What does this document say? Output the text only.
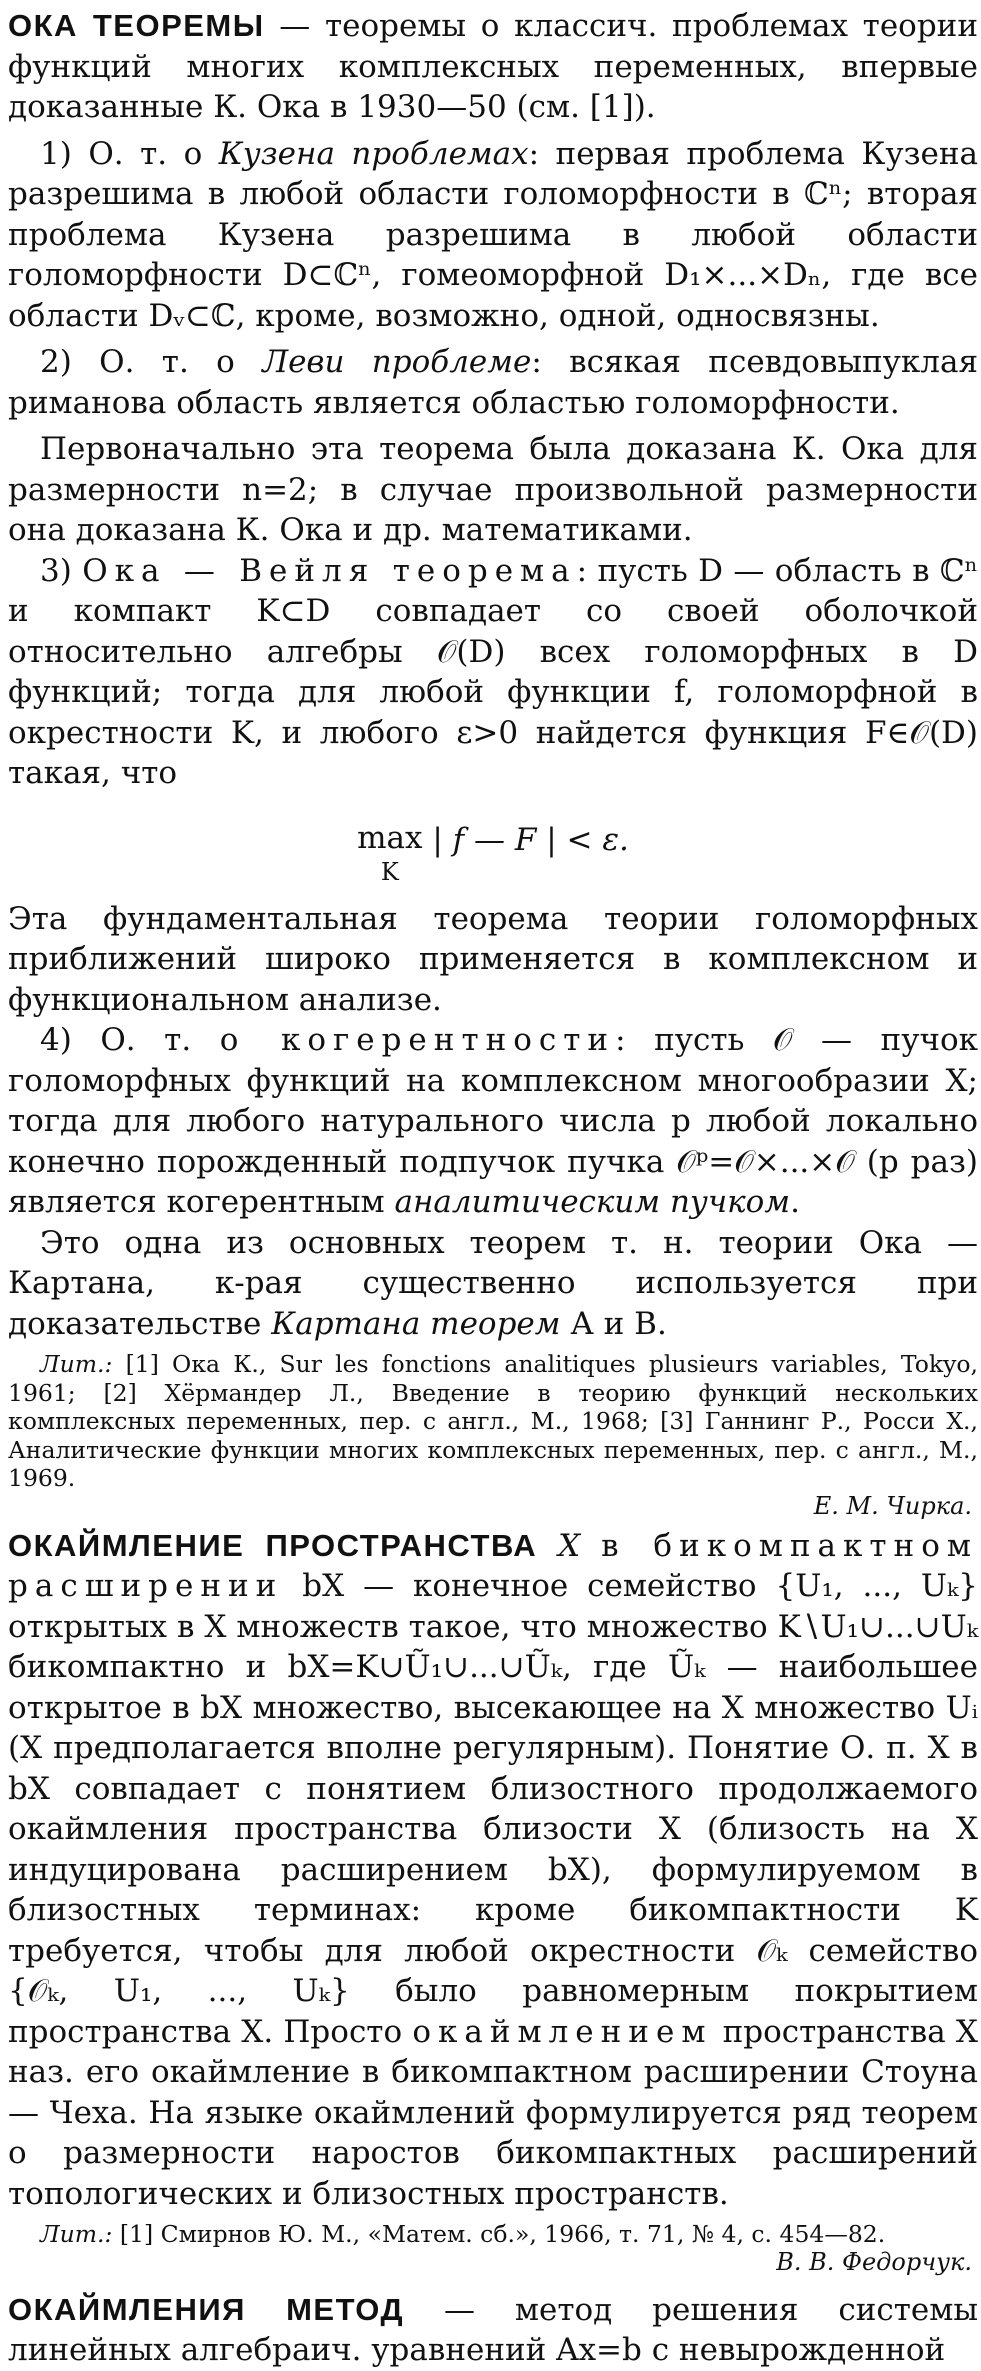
ОКА ТЕОРЕМЫ — теоремы о классич. проблемах теории функций многих комплексных переменных, впервые доказанные К. Ока в 1930—50 (см. [1]).

1) О. т. о Кузена проблемах: первая проблема Кузена разрешима в любой области голоморфности в ℂⁿ; вторая проблема Кузена разрешима в любой области голоморфности D⊂ℂⁿ, гомеоморфной D₁×...×Dₙ, где все области Dᵥ⊂ℂ, кроме, возможно, одной, односвязны.

2) О. т. о Леви проблеме: всякая псевдовыпуклая риманова область является областью голоморфности.

Первоначально эта теорема была доказана К. Ока для размерности n=2; в случае произвольной размерности она доказана К. Ока и др. математиками.

3) Ока — Вейля теорема: пусть D — область в ℂⁿ и компакт K⊂D совпадает со своей оболочкой относительно алгебры 𝒪(D) всех голоморфных в D функций; тогда для любой функции f, голоморфной в окрестности K, и любого ε>0 найдется функция F∈𝒪(D) такая, что

max
K | f — F | < ε.

Эта фундаментальная теорема теории голоморфных приближений широко применяется в комплексном и функциональном анализе.

4) О. т. о когерентности: пусть 𝒪 — пучок голоморфных функций на комплексном многообразии X; тогда для любого натурального числа p любой локально конечно порожденный подпучок пучка 𝒪ᵖ=𝒪×...×𝒪 (p раз) является когерентным аналитическим пучком.

Это одна из основных теорем т. н. теории Ока — Картана, к-рая существенно используется при доказательстве Картана теорем А и В.

Лит.: [1] Ока К., Sur les fonctions analitiques plusieurs variables, Tokyo, 1961; [2] Хёрмандер Л., Введение в теорию функций нескольких комплексных переменных, пер. с англ., М., 1968; [3] Ганнинг Р., Росси Х., Аналитические функции многих комплексных переменных, пер. с англ., М., 1969.

Е. М. Чирка.

ОКАЙМЛЕНИЕ ПРОСТРАНСТВА X в бикомпактном расширении bX — конечное семейство {U₁, ..., Uₖ} открытых в X множеств такое, что множество K∖U₁∪...∪Uₖ бикомпактно и bX=K∪Ũ₁∪...∪Ũₖ, где Ũₖ — наибольшее открытое в bX множество, высекающее на X множество Uᵢ (X предполагается вполне регулярным). Понятие О. п. X в bX совпадает с понятием близостного продолжаемого окаймления пространства близости X (близость на X индуцирована расширением bX), формулируемом в близостных терминах: кроме бикомпактности K требуется, чтобы для любой окрестности 𝒪ₖ семейство {𝒪ₖ, U₁, ..., Uₖ} было равномерным покрытием пространства X. Просто окаймлением пространства X наз. его окаймление в бикомпактном расширении Стоуна — Чеха. На языке окаймлений формулируется ряд теорем о размерности наростов бикомпактных расширений топологических и близостных пространств.

Лит.: [1] Смирнов Ю. М., «Матем. сб.», 1966, т. 71, № 4, с. 454—82.

В. В. Федорчук.

ОКАЙМЛЕНИЯ МЕТОД — метод решения системы линейных алгебраич. уравнений Ax=b с невырожденной
